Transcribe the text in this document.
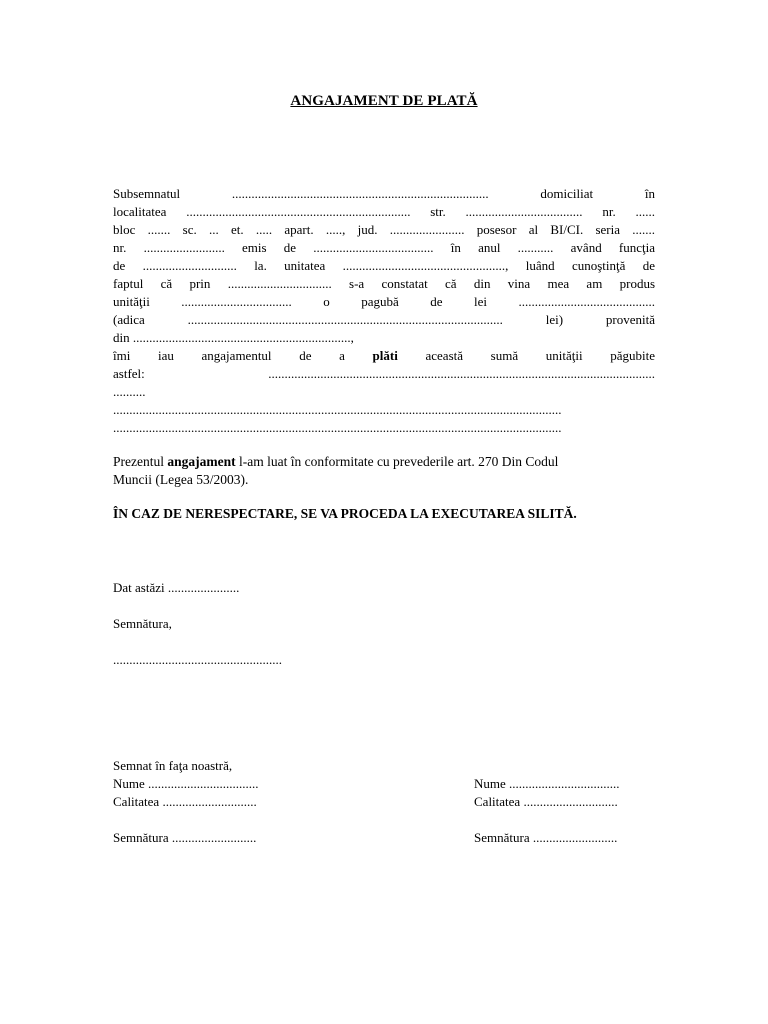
ANGAJAMENT DE PLATĂ
Subsemnatul ............................................................................... domiciliat în
localitatea ..................................................................... str. .................................... nr. ......
bloc ....... sc. ... et. ..... apart. ....., jud. ....................... posesor al BI/CI. seria .......
nr. ......................... emis de ..................................... în anul ........... având funcţia
de ............................. la. unitatea .................................................., luând cunoştinţă de
faptul că prin ................................ s-a constatat că din vina mea am produs
unităţii .................................. o pagubă de lei ..........................................
(adica ................................................................................................. lei) provenită
din ...................................................................,
îmi iau angajamentul de a plăti această sumă unităţii păgubite
astfel: .......................................................................................................................
..........
..........................................................................................................................................
..........................................................................................................................................
Prezentul angajament l-am luat în conformitate cu prevederile art. 270 Din Codul
Muncii (Legea 53/2003).
ÎN CAZ DE NERESPECTARE, SE VA PROCEDA LA EXECUTAREA SILITĂ.
Dat astăzi ......................
Semnătura,
....................................................
Semnat în faţa noastră,
Nume ..................................
Calitatea .............................
Semnătura ..........................
Nume ..................................
Calitatea .............................
Semnătura ..........................
